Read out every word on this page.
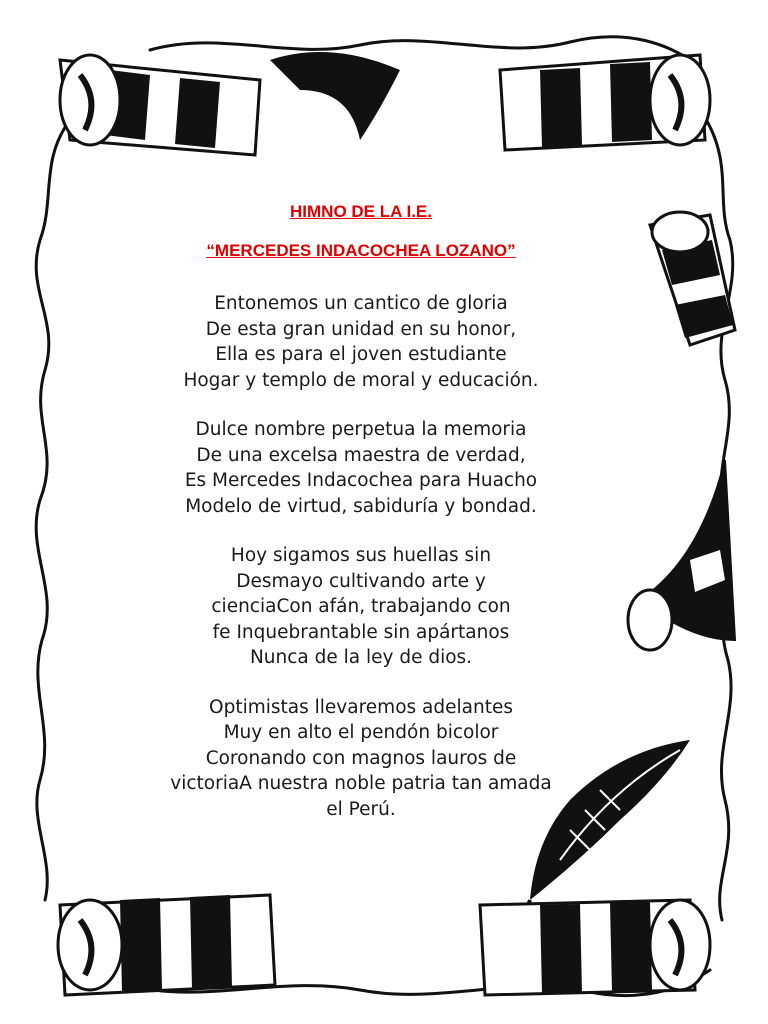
HIMNO DE LA I.E.

“MERCEDES INDACOCHEA LOZANO”

Entonemos un cantico de gloria
De esta gran unidad en su honor,
Ella es para el joven estudiante
Hogar y templo de moral y educación.
Dulce nombre perpetua la memoria
De una excelsa maestra de verdad,
Es Mercedes Indacochea para Huacho
Modelo de virtud, sabiduría y bondad.
Hoy sigamos sus huellas sin
Desmayo cultivando arte y
cienciaCon afán, trabajando con
fe Inquebrantable sin apártanos
Nunca de la ley de dios.
Optimistas llevaremos adelantes
Muy en alto el pendón bicolor
Coronando con magnos lauros de
victoriaA nuestra noble patria tan amada
el Perú.
